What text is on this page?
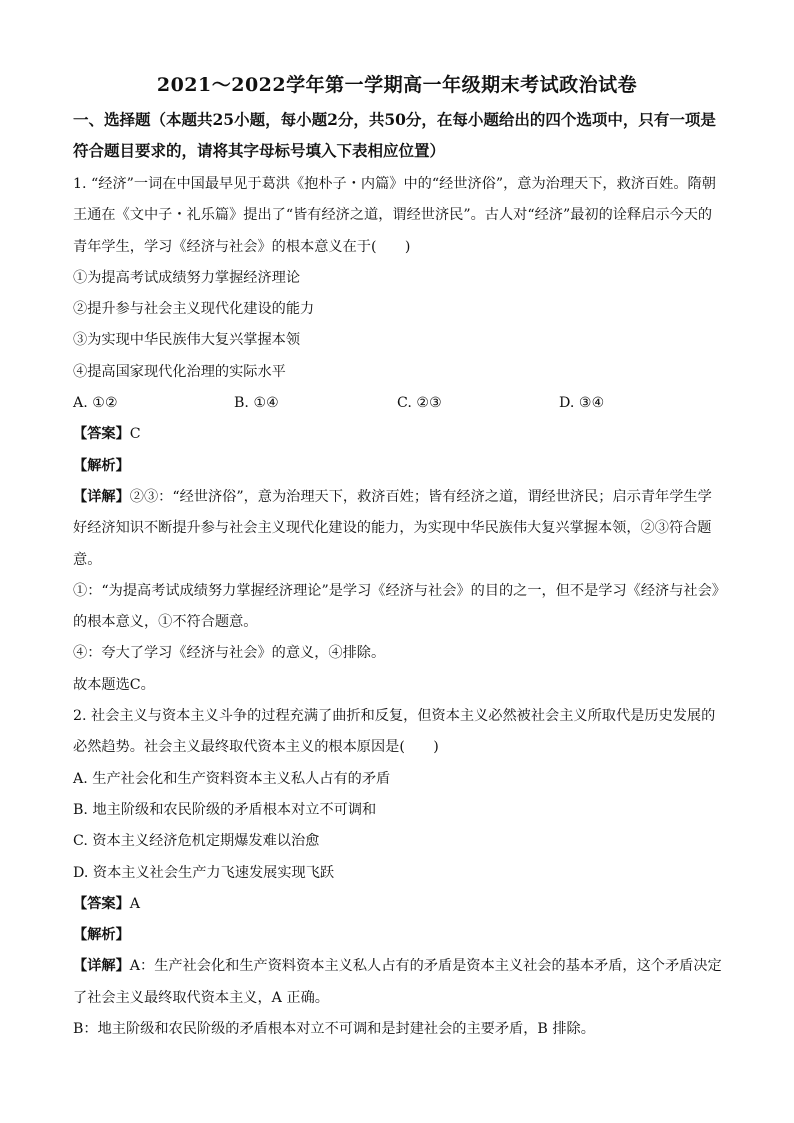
2021～2022学年第一学期高一年级期末考试政治试卷
一、选择题（本题共25小题，每小题2分，共50分，在每小题给出的四个选项中，只有一项是符合题目要求的，请将其字母标号填入下表相应位置）

1. “经济”一词在中国最早见于葛洪《抱朴子・内篇》中的“经世济俗”，意为治理天下，救济百姓。隋朝王通在《文中子・礼乐篇》提出了“皆有经济之道，谓经世济民”。古人对“经济”最初的诠释启示今天的青年学生，学习《经济与社会》的根本意义在于(　　)

①为提高考试成绩努力掌握经济理论

②提升参与社会主义现代化建设的能力

③为实现中华民族伟大复兴掌握本领

④提高国家现代化治理的实际水平

A. ①②	B. ①④	C. ②③	D. ③④

【答案】C

【解析】

【详解】②③：“经世济俗”，意为治理天下，救济百姓；皆有经济之道，谓经世济民；启示青年学生学好经济知识不断提升参与社会主义现代化建设的能力，为实现中华民族伟大复兴掌握本领，②③符合题意。

①：“为提高考试成绩努力掌握经济理论”是学习《经济与社会》的目的之一，但不是学习《经济与社会》的根本意义，①不符合题意。

④：夸大了学习《经济与社会》的意义，④排除。

故本题选C。

2. 社会主义与资本主义斗争的过程充满了曲折和反复，但资本主义必然被社会主义所取代是历史发展的必然趋势。社会主义最终取代资本主义的根本原因是(　　)

A. 生产社会化和生产资料资本主义私人占有的矛盾

B. 地主阶级和农民阶级的矛盾根本对立不可调和

C. 资本主义经济危机定期爆发难以治愈

D. 资本主义社会生产力飞速发展实现飞跃

【答案】A

【解析】

【详解】A：生产社会化和生产资料资本主义私人占有的矛盾是资本主义社会的基本矛盾，这个矛盾决定了社会主义最终取代资本主义，A 正确。

B：地主阶级和农民阶级的矛盾根本对立不可调和是封建社会的主要矛盾，B 排除。
